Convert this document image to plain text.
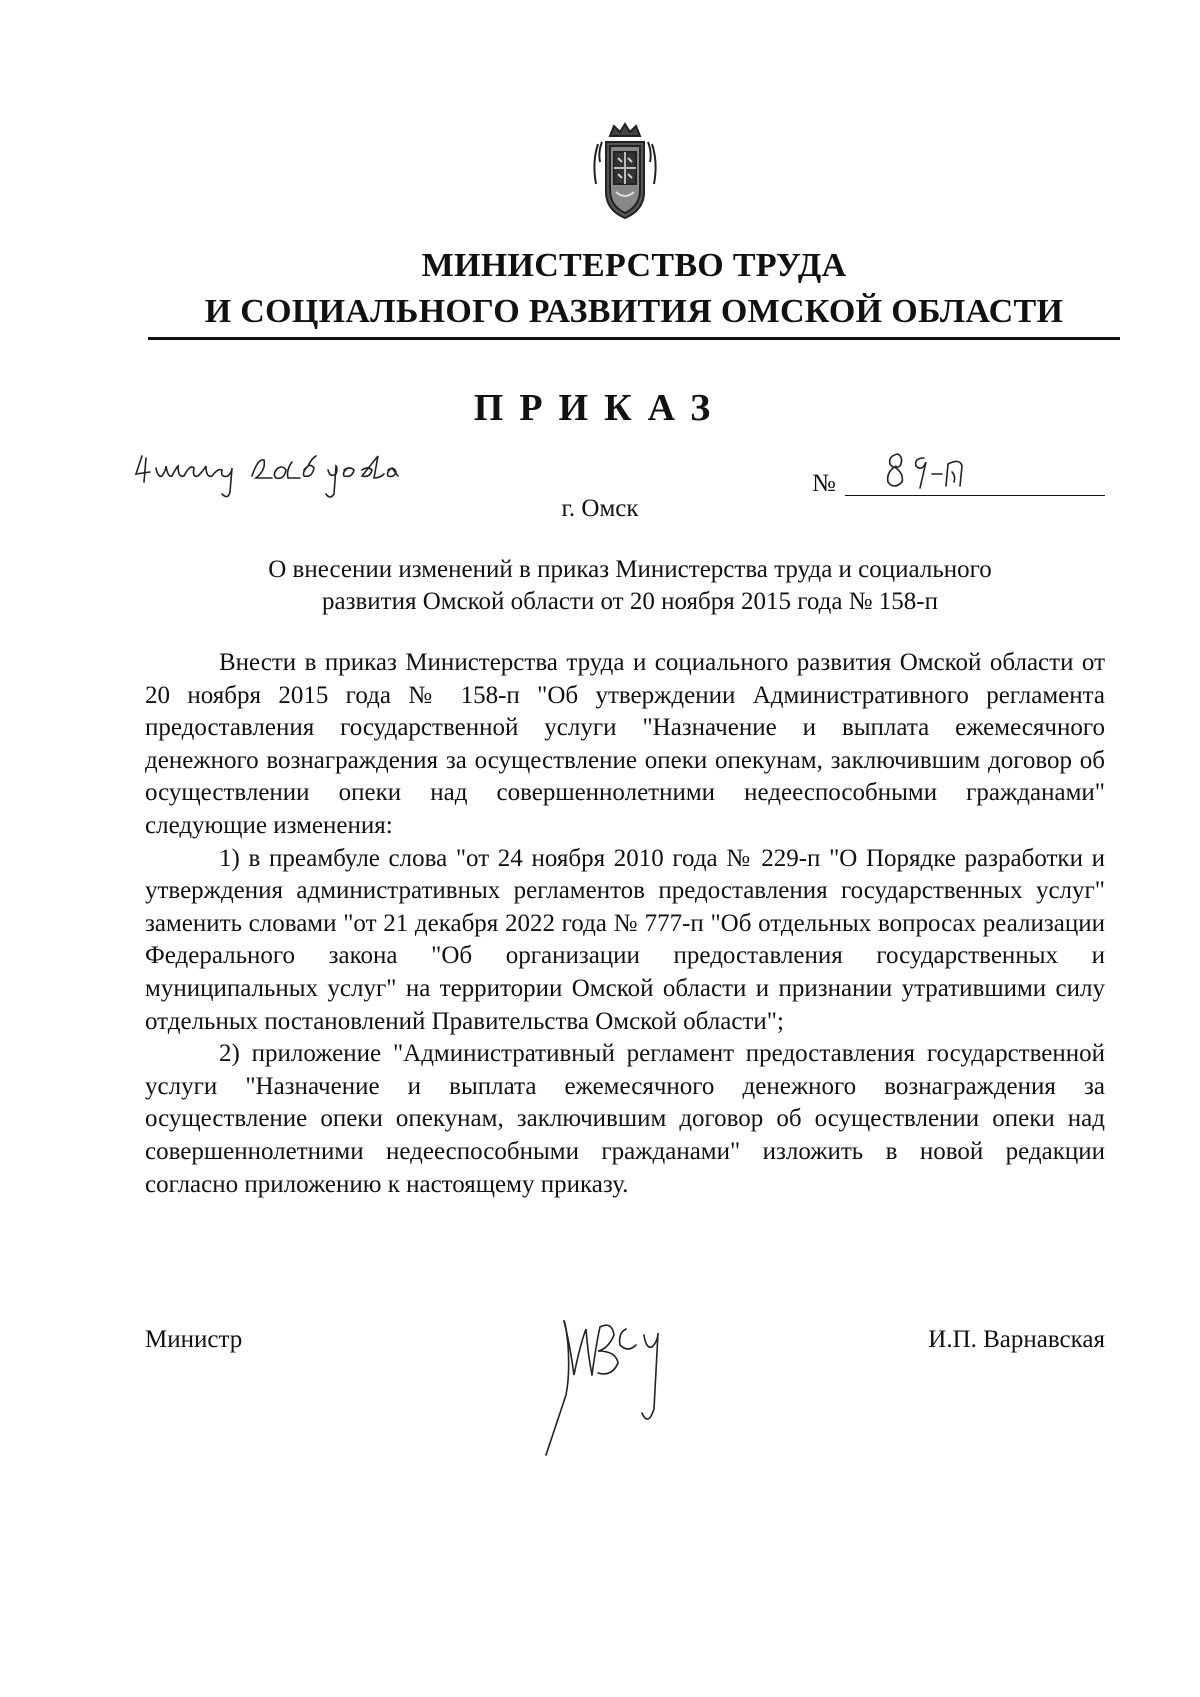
МИНИСТЕРСТВО ТРУДА
И СОЦИАЛЬНОГО РАЗВИТИЯ ОМСКОЙ ОБЛАСТИ
ПРИКАЗ
№
г. Омск
О внесении изменений в приказ Министерства труда и социального
развития Омской области от 20 ноября 2015 года № 158-п

Внести в приказ Министерства труда и социального развития Омской области от 20 ноября 2015 года № 158-п "Об утверждении Административного регламента предоставления государственной услуги "Назначение и выплата ежемесячного денежного вознаграждения за осуществление опеки опекунам, заключившим договор об осуществлении опеки над совершеннолетними недееспособными гражданами" следующие изменения:

1) в преамбуле слова "от 24 ноября 2010 года № 229-п "О Порядке разработки и утверждения административных регламентов предоставления государственных услуг" заменить словами "от 21 декабря 2022 года № 777-п "Об отдельных вопросах реализации Федерального закона "Об организации предоставления государственных и муниципальных услуг" на территории Омской области и признании утратившими силу отдельных постановлений Правительства Омской области";

2) приложение "Административный регламент предоставления государственной услуги "Назначение и выплата ежемесячного денежного вознаграждения за осуществление опеки опекунам, заключившим договор об осуществлении опеки над совершеннолетними недееспособными гражданами" изложить в новой редакции согласно приложению к настоящему приказу.

Министр	И.П. Варнавская
